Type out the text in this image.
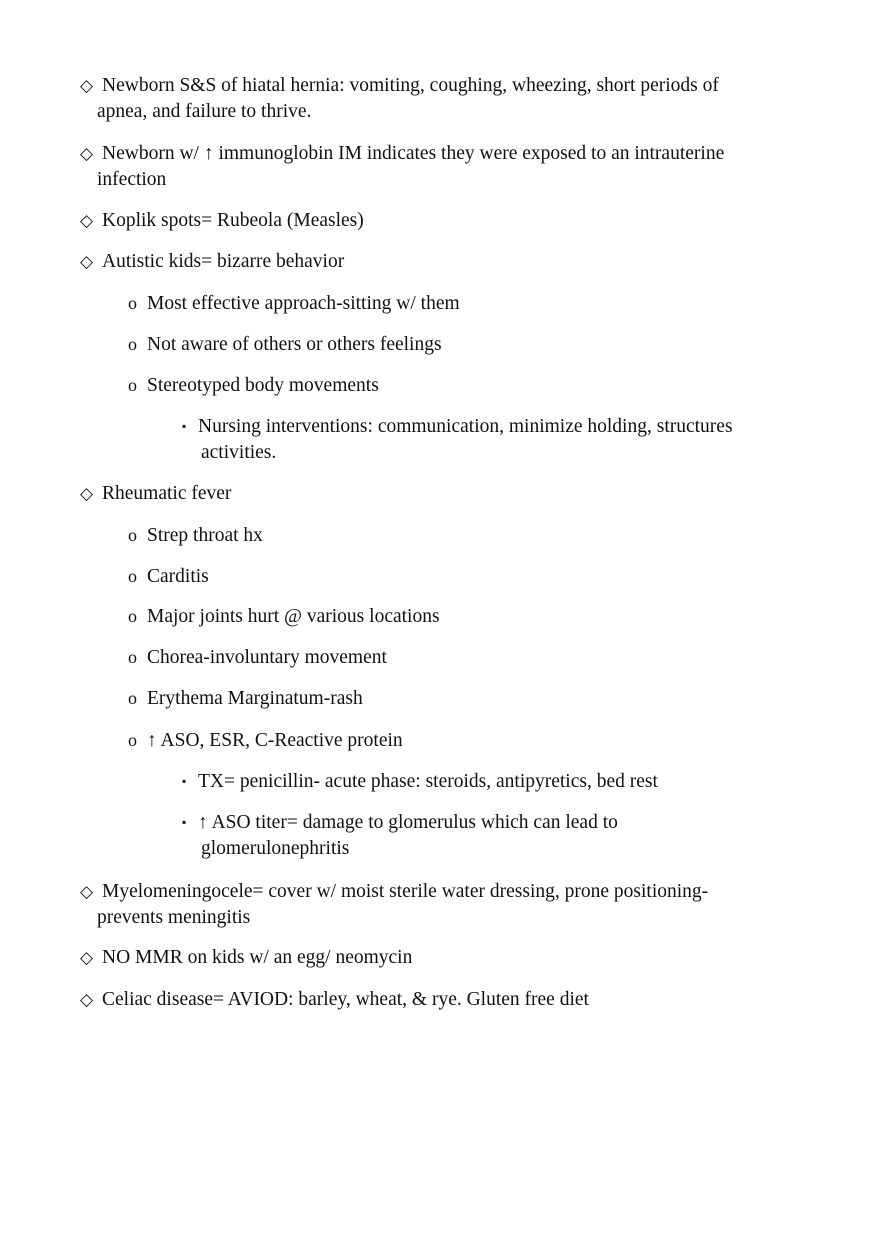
◇ Newborn S&S of hiatal hernia: vomiting, coughing, wheezing, short periods of
apnea, and failure to thrive.
◇ Newborn w/ ↑ immunoglobin IM indicates they were exposed to an intrauterine
infection
◇ Koplik spots= Rubeola (Measles)
◇ Autistic kids= bizarre behavior
o Most effective approach-sitting w/ them
o Not aware of others or others feelings
o Stereotyped body movements
▪ Nursing interventions: communication, minimize holding, structures
activities.
◇ Rheumatic fever
o Strep throat hx
o Carditis
o Major joints hurt @ various locations
o Chorea-involuntary movement
o Erythema Marginatum-rash
o ↑ ASO, ESR, C-Reactive protein
▪ TX= penicillin- acute phase: steroids, antipyretics, bed rest
▪ ↑ ASO titer= damage to glomerulus which can lead to
glomerulonephritis
◇ Myelomeningocele= cover w/ moist sterile water dressing, prone positioning-
prevents meningitis
◇ NO MMR on kids w/ an egg/ neomycin
◇ Celiac disease= AVIOD: barley, wheat, & rye. Gluten free diet
